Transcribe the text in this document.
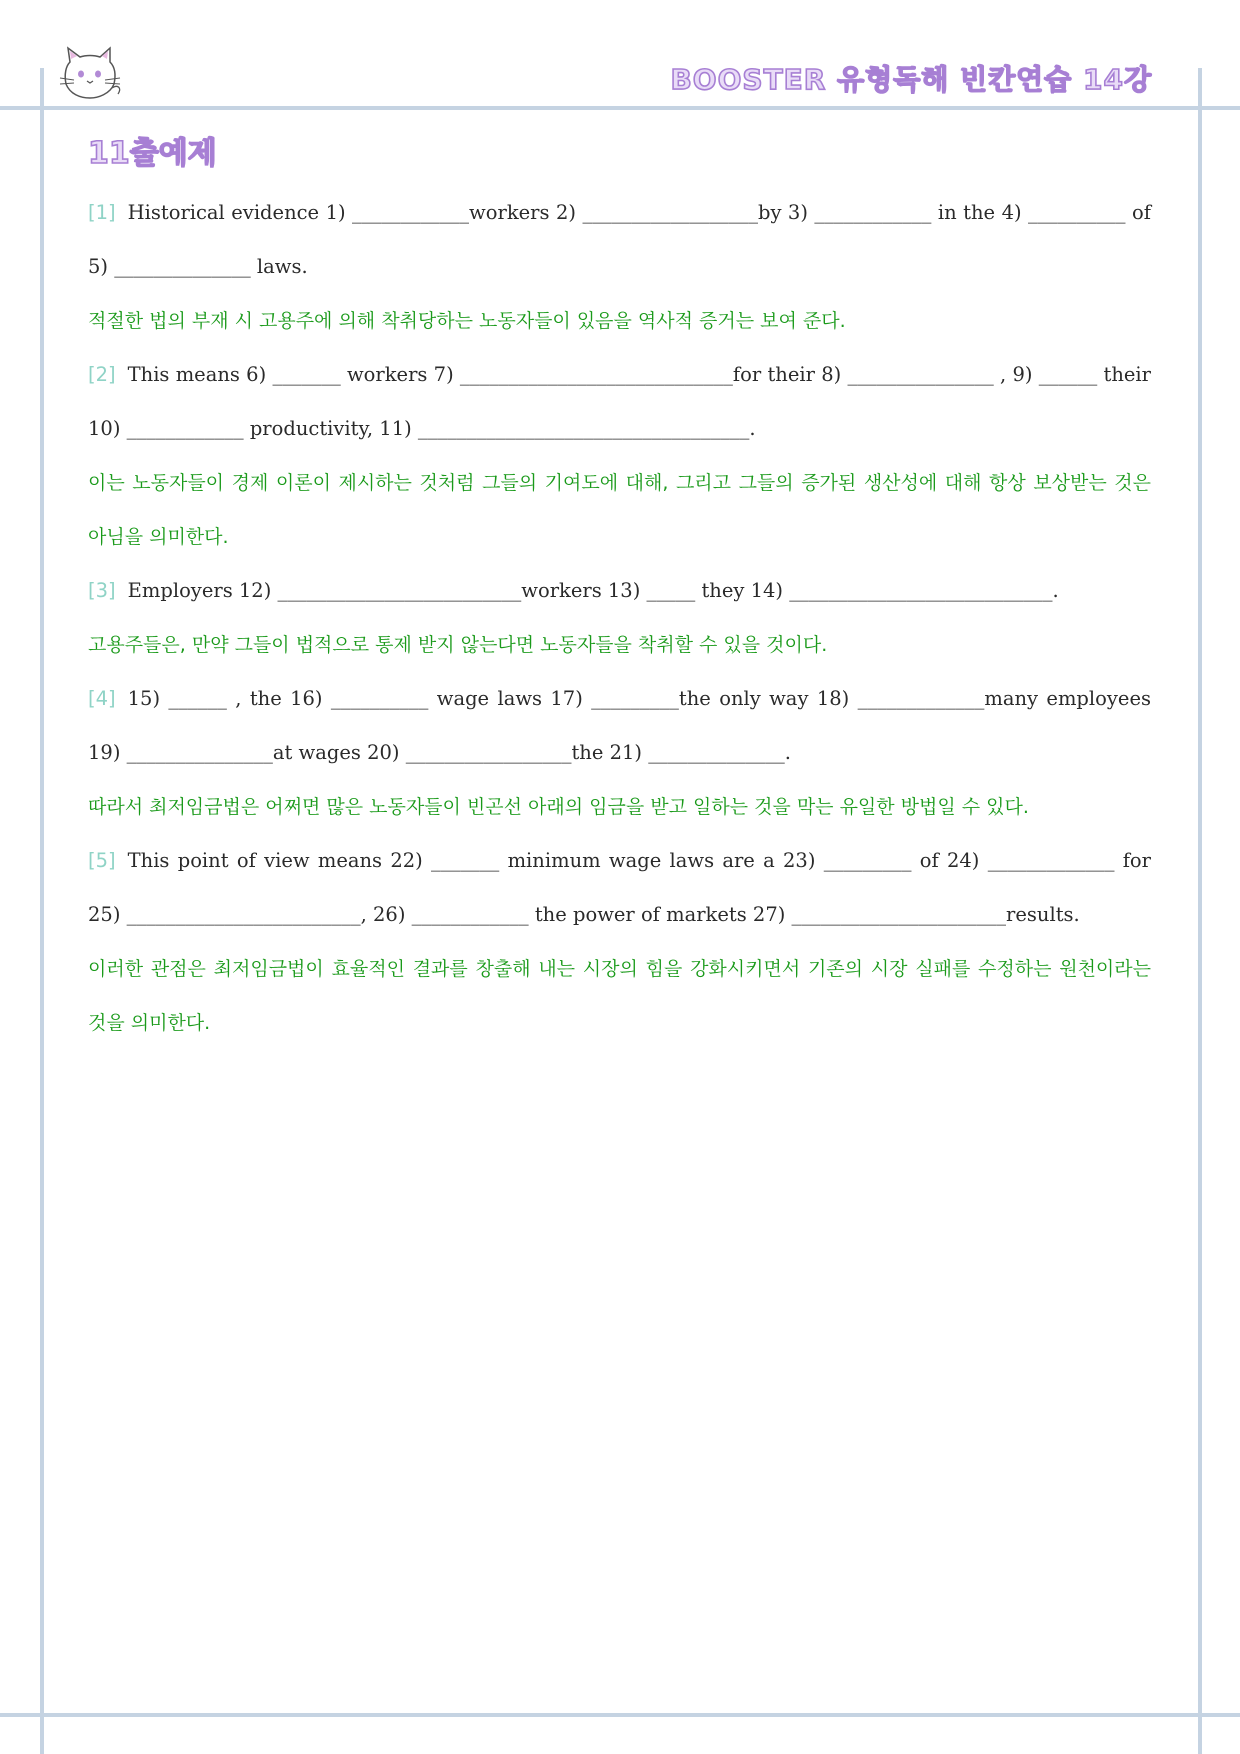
BOOSTER 유형독해 빈칸연습 14강
11출예제

[1] Historical evidence 1) ____________workers 2) __________________by 3) ____________ in the 4) __________ of 5) ______________ laws.

적절한 법의 부재 시 고용주에 의해 착취당하는 노동자들이 있음을 역사적 증거는 보여 준다.

[2] This means 6) _______ workers 7) ____________________________for their 8) _______________ , 9) ______ their 10) ____________ productivity, 11) __________________________________.

이는 노동자들이 경제 이론이 제시하는 것처럼 그들의 기여도에 대해, 그리고 그들의 증가된 생산성에 대해 항상 보상받는 것은 아님을 의미한다.

[3] Employers 12) _________________________workers 13) _____ they 14) ___________________________.

고용주들은, 만약 그들이 법적으로 통제 받지 않는다면 노동자들을 착취할 수 있을 것이다.

[4] 15) ______ , the 16) __________ wage laws 17) _________the only way 18) _____________many employees 19) _______________at wages 20) _________________the 21) ______________.

따라서 최저임금법은 어쩌면 많은 노동자들이 빈곤선 아래의 임금을 받고 일하는 것을 막는 유일한 방법일 수 있다.

[5] This point of view means 22) _______ minimum wage laws are a 23) _________ of 24) _____________ for 25) ________________________, 26) ____________ the power of markets 27) ______________________results.

이러한 관점은 최저임금법이 효율적인 결과를 창출해 내는 시장의 힘을 강화시키면서 기존의 시장 실패를 수정하는 원천이라는 것을 의미한다.
